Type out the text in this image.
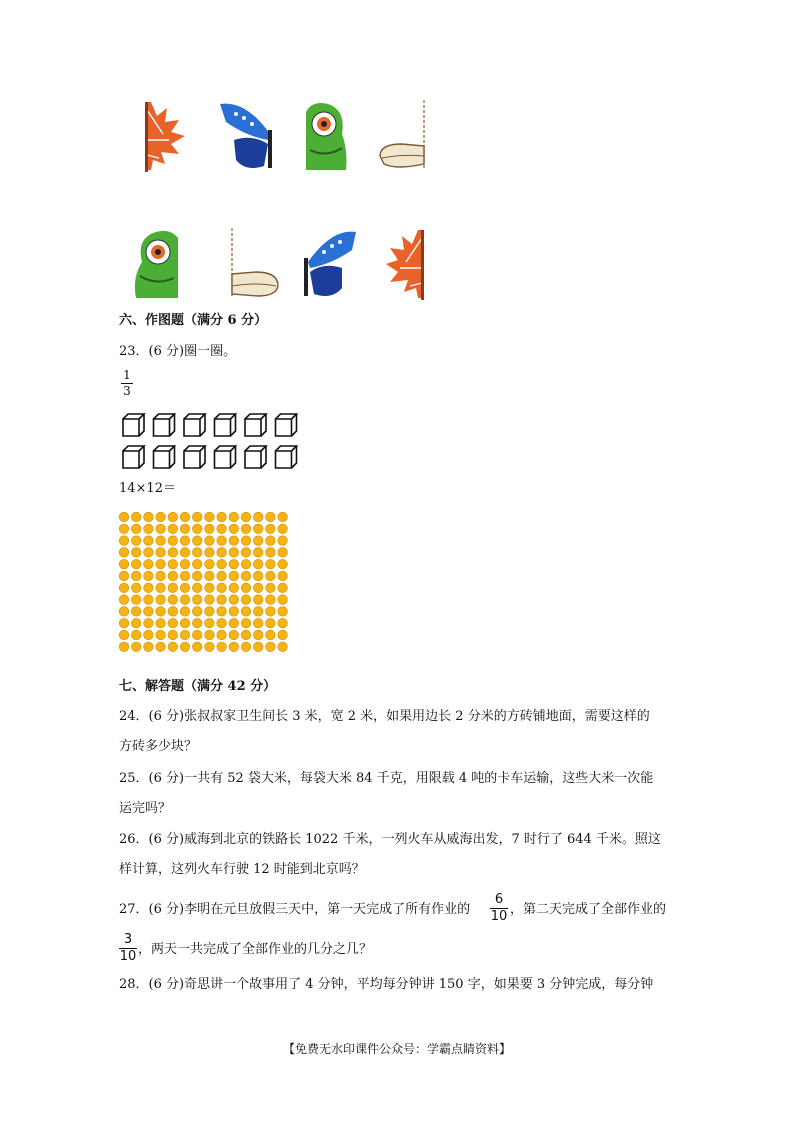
六、作图题（满分 6 分）
23．(6 分)圈一圈。
1
3
14×12＝
七、解答题（满分 42 分）
24．(6 分)张叔叔家卫生间长 3 米，宽 2 米，如果用边长 2 分米的方砖铺地面，需要这样的
方砖多少块？
25．(6 分)一共有 52 袋大米，每袋大米 84 千克，用限载 4 吨的卡车运输，这些大米一次能
运完吗？
26．(6 分)威海到北京的铁路长 1022 千米，一列火车从威海出发，7 时行了 644 千米。照这
样计算，这列火车行驶 12 时能到北京吗？
27．(6 分)李明在元旦放假三天中，第一天完成了所有作业的
6
10 ，第二天完成了全部作业的
3
10 ，两天一共完成了全部作业的几分之几？
28．(6 分)奇思讲一个故事用了 4 分钟，平均每分钟讲 150 字，如果要 3 分钟完成，每分钟
【免费无水印课件公众号：学霸点睛资料】
